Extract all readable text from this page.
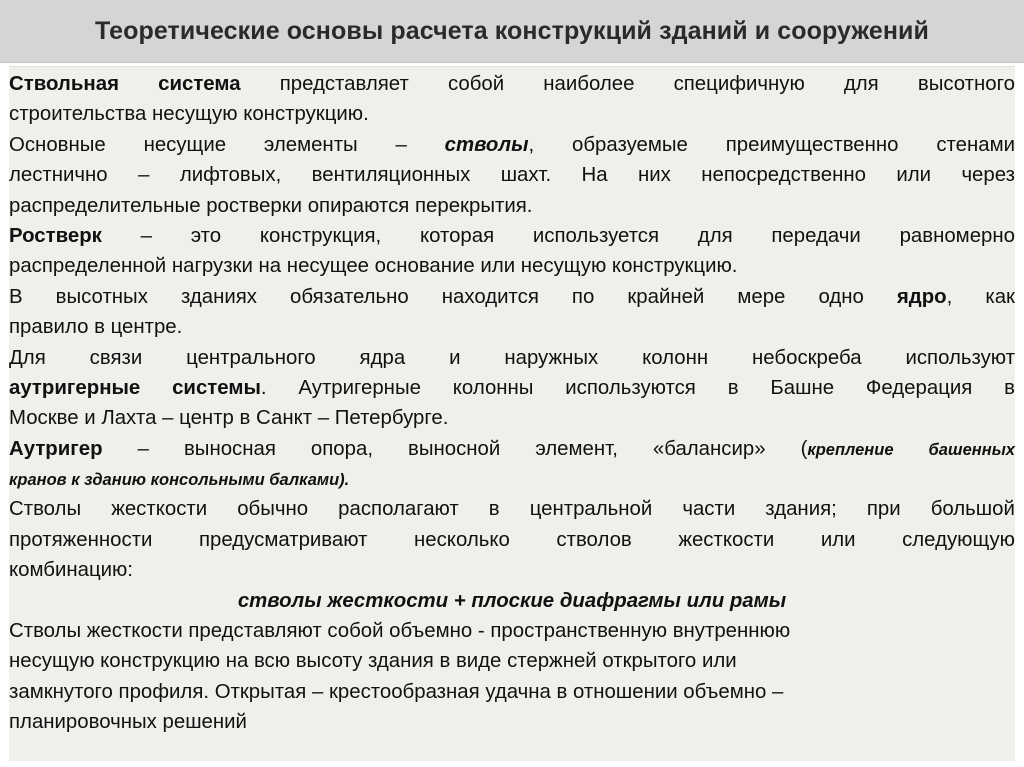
Теоретические основы расчета конструкций зданий и сооружений
Ствольная система представляет собой наиболее специфичную для высотного
строительства несущую конструкцию.
Основные несущие элементы – стволы, образуемые преимущественно стенами
лестнично – лифтовых, вентиляционных шахт. На них непосредственно или через
распределительные ростверки опираются перекрытия.
Ростверк – это конструкция, которая используется для передачи равномерно
распределенной нагрузки на несущее основание или несущую конструкцию.
В высотных зданиях обязательно находится по крайней мере одно ядро, как
правило в центре.
Для связи центрального ядра и наружных колонн небоскреба используют
аутригерные системы. Аутригерные колонны используются в Башне Федерация в
Москве и Лахта – центр в Санкт – Петербурге.
Аутригер – выносная опора, выносной элемент, «балансир» (крепление башенных
кранов к зданию консольными балками).
Стволы жесткости обычно располагают в центральной части здания; при большой
протяженности предусматривают несколько стволов жесткости или следующую
комбинацию:
стволы жесткости + плоские диафрагмы или рамы
Стволы жесткости представляют собой объемно - пространственную внутреннюю
несущую конструкцию на всю высоту здания в виде стержней открытого или
замкнутого профиля. Открытая – крестообразная удачна в отношении объемно –
планировочных решений
